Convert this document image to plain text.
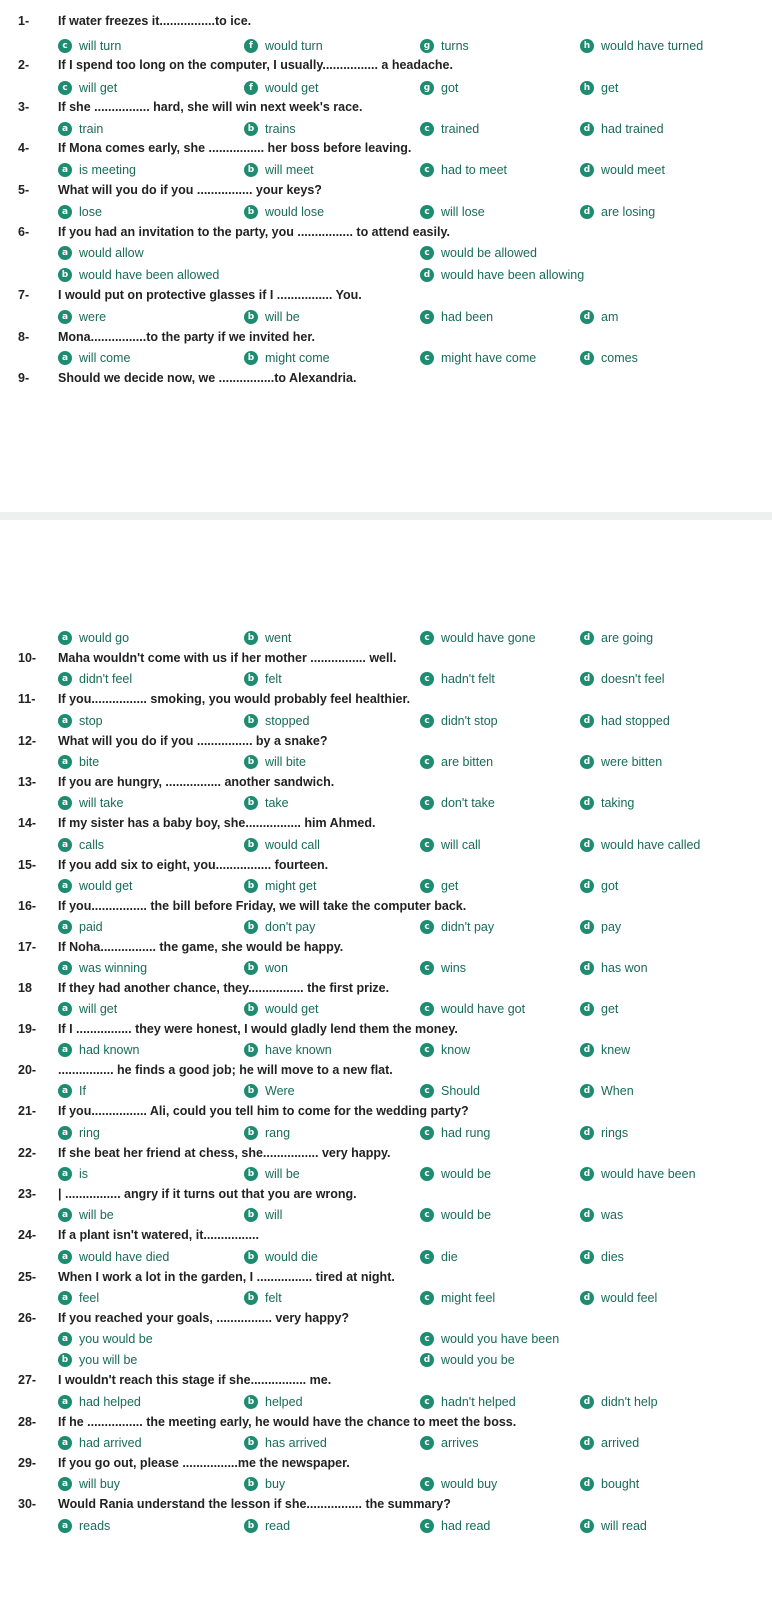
1- If water freezes it................to ice.
c will turn	f would turn	g turns	h would have turned
2- If I spend too long on the computer, I usually................ a headache.
c will get	f would get	g got	h get
3- If she ................ hard, she will win next week's race.
a train	b trains	c trained	d had trained
4- If Mona comes early, she ................ her boss before leaving.
a is meeting	b will meet	c had to meet	d would meet
5- What will you do if you ................ your keys?
a lose	b would lose	c will lose	d are losing
6- If you had an invitation to the party, you ................ to attend easily.
a would allow	c would be allowed
b would have been allowed	d would have been allowing
7- I would put on protective glasses if I ................ You.
a were	b will be	c had been	d am
8- Mona................to the party if we invited her.
a will come	b might come	c might have come	d comes
9- Should we decide now, we ................to Alexandria.
a would go	b went	c would have gone	d are going
10- Maha wouldn't come with us if her mother ................ well.
a didn't feel	b felt	c hadn't felt	d doesn't feel
11- If you................ smoking, you would probably feel healthier.
a stop	b stopped	c didn't stop	d had stopped
12- What will you do if you ................ by a snake?
a bite	b will bite	c are bitten	d were bitten
13- If you are hungry, ................ another sandwich.
a will take	b take	c don't take	d taking
14- If my sister has a baby boy, she................ him Ahmed.
a calls	b would call	c will call	d would have called
15- If you add six to eight, you................ fourteen.
a would get	b might get	c get	d got
16- If you................ the bill before Friday, we will take the computer back.
a paid	b don't pay	c didn't pay	d pay
17- If Noha................ the game, she would be happy.
a was winning	b won	c wins	d has won
18 If they had another chance, they................ the first prize.
a will get	b would get	c would have got	d get
19- If I ................ they were honest, I would gladly lend them the money.
a had known	b have known	c know	d knew
20- ................ he finds a good job; he will move to a new flat.
a If	b Were	c Should	d When
21- If you................ Ali, could you tell him to come for the wedding party?
a ring	b rang	c had rung	d rings
22- If she beat her friend at chess, she................ very happy.
a is	b will be	c would be	d would have been
23- | ................ angry if it turns out that you are wrong.
a will be	b will	c would be	d was
24- If a plant isn't watered, it................
a would have died	b would die	c die	d dies
25- When I work a lot in the garden, I ................ tired at night.
a feel	b felt	c might feel	d would feel
26- If you reached your goals, ................ very happy?
a you would be	c would you have been
b you will be	d would you be
27- I wouldn't reach this stage if she................ me.
a had helped	b helped	c hadn't helped	d didn't help
28- If he ................ the meeting early, he would have the chance to meet the boss.
a had arrived	b has arrived	c arrives	d arrived
29- If you go out, please ................me the newspaper.
a will buy	b buy	c would buy	d bought
30- Would Rania understand the lesson if she................ the summary?
a reads	b read	c had read	d will read
